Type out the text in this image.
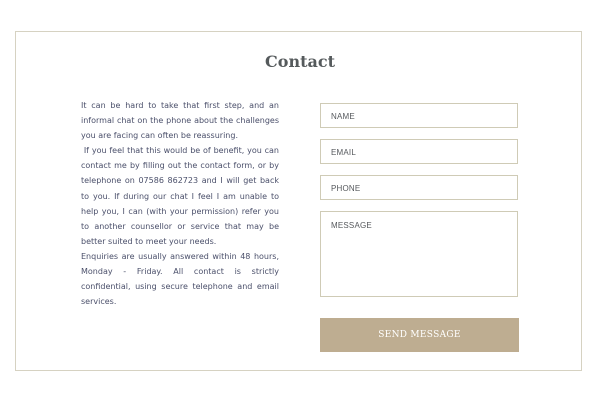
Contact

It can be hard to take that first step, and an informal chat on the phone about the challenges you are facing can often be reassuring.

If you feel that this would be of benefit, you can contact me by filling out the contact form, or by telephone on 07586 862723 and I will get back to you. If during our chat I feel I am unable to help you, I can (with your permission) refer you to another counsellor or service that may be better suited to meet your needs.

Enquiries are usually answered within 48 hours, Monday - Friday. All contact is strictly confidential, using secure telephone and email services.

NAME
EMAIL
PHONE
MESSAGE
SEND MESSAGE
